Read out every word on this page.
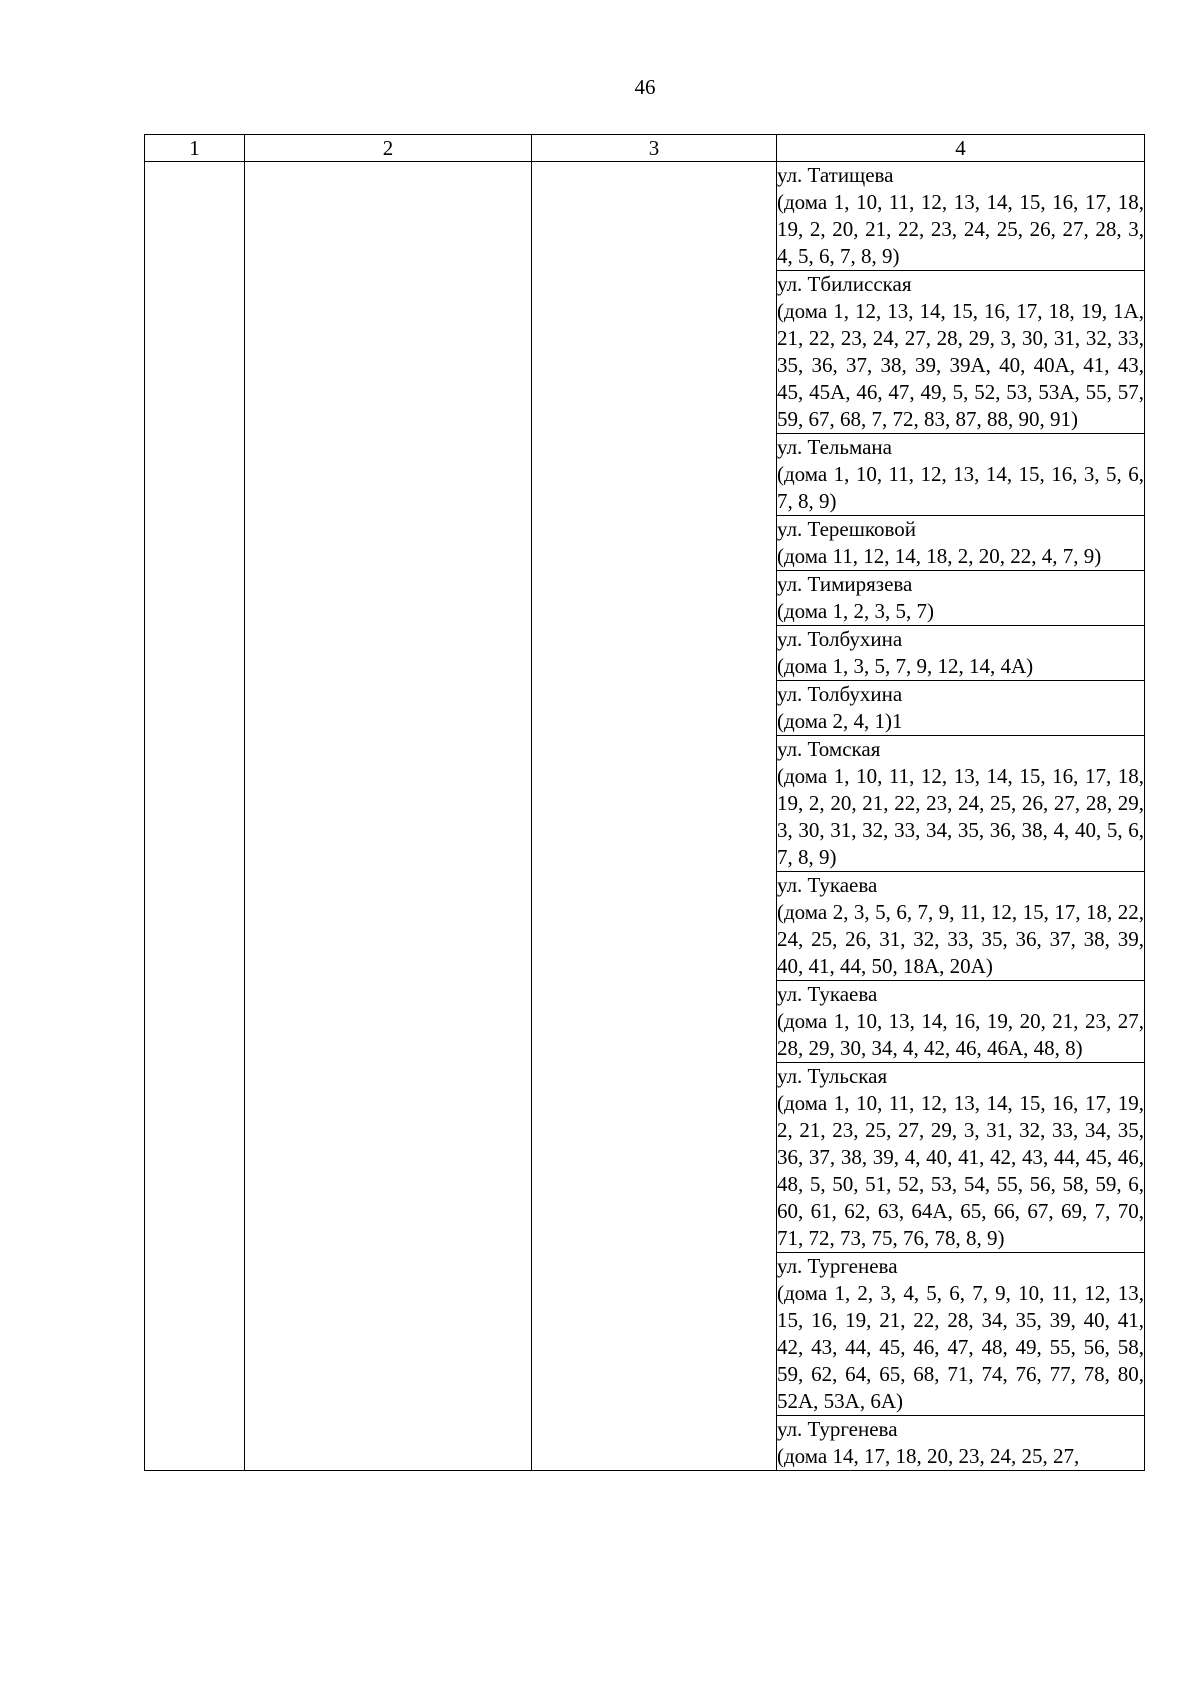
46
1	2	3	4

			ул. Татищева
(дома 1, 10, 11, 12, 13, 14, 15, 16, 17, 18, 19, 2, 20, 21, 22, 23, 24, 25, 26, 27, 28, 3, 4, 5, 6, 7, 8, 9)

			ул. Тбилисская
(дома 1, 12, 13, 14, 15, 16, 17, 18, 19, 1А, 21, 22, 23, 24, 27, 28, 29, 3, 30, 31, 32, 33, 35, 36, 37, 38, 39, 39А, 40, 40А, 41, 43, 45, 45А, 46, 47, 49, 5, 52, 53, 53А, 55, 57, 59, 67, 68, 7, 72, 83, 87, 88, 90, 91)

			ул. Тельмана
(дома 1, 10, 11, 12, 13, 14, 15, 16, 3, 5, 6, 7, 8, 9)

			ул. Терешковой
(дома 11, 12, 14, 18, 2, 20, 22, 4, 7, 9)

			ул. Тимирязева
(дома 1, 2, 3, 5, 7)

			ул. Толбухина
(дома 1, 3, 5, 7, 9, 12, 14, 4А)

			ул. Толбухина
(дома 2, 4, 1)1

			ул. Томская
(дома 1, 10, 11, 12, 13, 14, 15, 16, 17, 18, 19, 2, 20, 21, 22, 23, 24, 25, 26, 27, 28, 29, 3, 30, 31, 32, 33, 34, 35, 36, 38, 4, 40, 5, 6, 7, 8, 9)

			ул. Тукаева
(дома 2, 3, 5, 6, 7, 9, 11, 12, 15, 17, 18, 22, 24, 25, 26, 31, 32, 33, 35, 36, 37, 38, 39, 40, 41, 44, 50, 18А, 20А)

			ул. Тукаева
(дома 1, 10, 13, 14, 16, 19, 20, 21, 23, 27, 28, 29, 30, 34, 4, 42, 46, 46А, 48, 8)

			ул. Тульская
(дома 1, 10, 11, 12, 13, 14, 15, 16, 17, 19, 2, 21, 23, 25, 27, 29, 3, 31, 32, 33, 34, 35, 36, 37, 38, 39, 4, 40, 41, 42, 43, 44, 45, 46, 48, 5, 50, 51, 52, 53, 54, 55, 56, 58, 59, 6, 60, 61, 62, 63, 64А, 65, 66, 67, 69, 7, 70, 71, 72, 73, 75, 76, 78, 8, 9)

			ул. Тургенева
(дома 1, 2, 3, 4, 5, 6, 7, 9, 10, 11, 12, 13, 15, 16, 19, 21, 22, 28, 34, 35, 39, 40, 41, 42, 43, 44, 45, 46, 47, 48, 49, 55, 56, 58, 59, 62, 64, 65, 68, 71, 74, 76, 77, 78, 80, 52А, 53А, 6А)

			ул. Тургенева
(дома 14, 17, 18, 20, 23, 24, 25, 27,
